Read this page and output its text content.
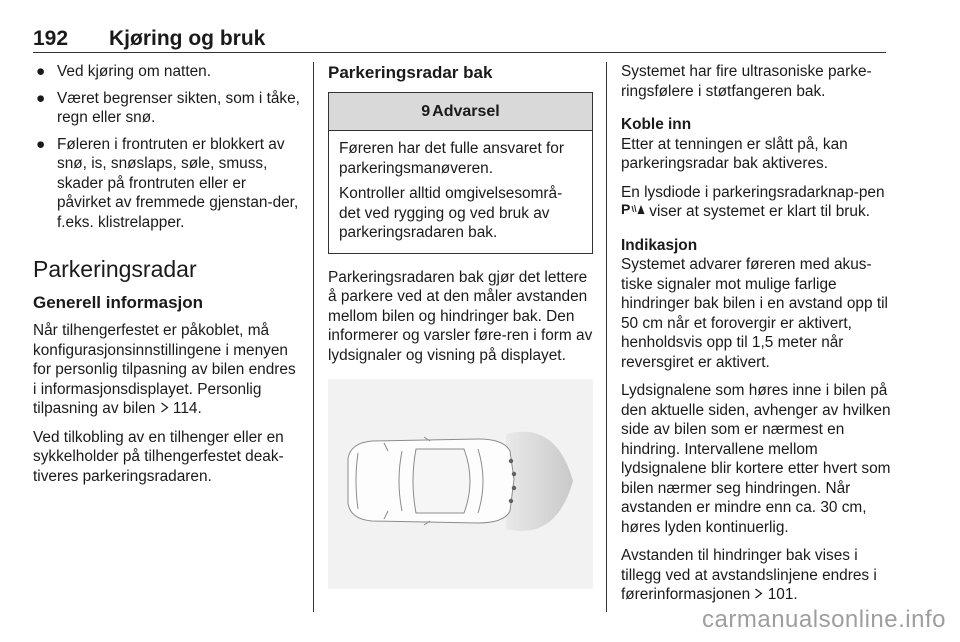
192 Kjøring og bruk
● Ved kjøring om natten.
● Været begrenser sikten, som i tåke, regn eller snø.
● Føleren i frontruten er blokkert av snø, is, snøslaps, søle, smuss, skader på frontruten eller er påvirket av fremmede gjenstan-der, f.eks. klistrelapper.
Parkeringsradar
Generell informasjon

Når tilhengerfestet er påkoblet, må konfigurasjonsinnstillingene i menyen for personlig tilpasning av bilen endres i informasjonsdisplayet. Personlig tilpasning av bilen 114.

Ved tilkobling av en tilhenger eller en sykkelholder på tilhengerfestet deak-tiveres parkeringsradaren.

Parkeringsradar bak
9 Advarsel

Føreren har det fulle ansvaret for parkeringsmanøveren.

Kontroller alltid omgivelsesområ-det ved rygging og ved bruk av parkeringsradaren bak.

Parkeringsradaren bak gjør det lettere å parkere ved at den måler avstanden mellom bilen og hindringer bak. Den informerer og varsler føre-ren i form av lydsignaler og visning på displayet.

Systemet har fire ultrasoniske parke-ringsfølere i støtfangeren bak.

Koble inn

Etter at tenningen er slått på, kan parkeringsradar bak aktiveres.

En lysdiode i parkeringsradarknap-pen
P viser at systemet er klart til bruk.

Indikasjon

Systemet advarer føreren med akus-tiske signaler mot mulige farlige hindringer bak bilen i en avstand opp til 50 cm når et forovergir er aktivert, henholdsvis opp til 1,5 meter når reversgiret er aktivert.

Lydsignalene som høres inne i bilen på den aktuelle siden, avhenger av hvilken side av bilen som er nærmest en hindring. Intervallene mellom lydsignalene blir kortere etter hvert som bilen nærmer seg hindringen. Når avstanden er mindre enn ca. 30 cm, høres lyden kontinuerlig.

Avstanden til hindringer bak vises i tillegg ved at avstandslinjene endres i førerinformasjonen 101.

carmanualsonline.info
